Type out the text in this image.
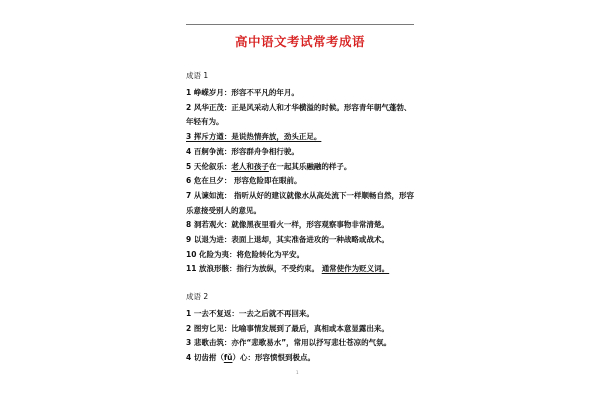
高中语文考试常考成语
成语 1
1 峥嵘岁月：形容不平凡的年月。
2 风华正茂：正是风采动人和才华横溢的时候。形容青年朝气蓬勃、
年轻有为。
3 挥斥方遒：是说热情奔放，劲头正足。
4 百舸争流：形容群舟争相行驶。
5 天伦叙乐：老人和孩子在一起其乐融融的样子。
6 危在旦夕： 形容危险即在眼前。
7 从谏如流： 指听从好的建议就像水从高处流下一样顺畅自然，形容
乐意接受别人的意见。
8 洞若观火：就像黑夜里看火一样，形容观察事物非常清楚。
9 以退为进：表面上退却，其实准备进攻的一种战略或战术。
10 化险为夷：将危险转化为平安。
11 放浪形骸：指行为放纵，不受约束。 通常使作为贬义词。
成语 2
1 一去不复返：一去之后就不再回来。
2 图穷匕见：比喻事情发展到了最后，真相或本意显露出来。
3 悲歌击筑：亦作“悲歌易水”，常用以抒写悲壮苍凉的气氛。
4 切齿拊（fǔ）心：形容愤恨到极点。
1
